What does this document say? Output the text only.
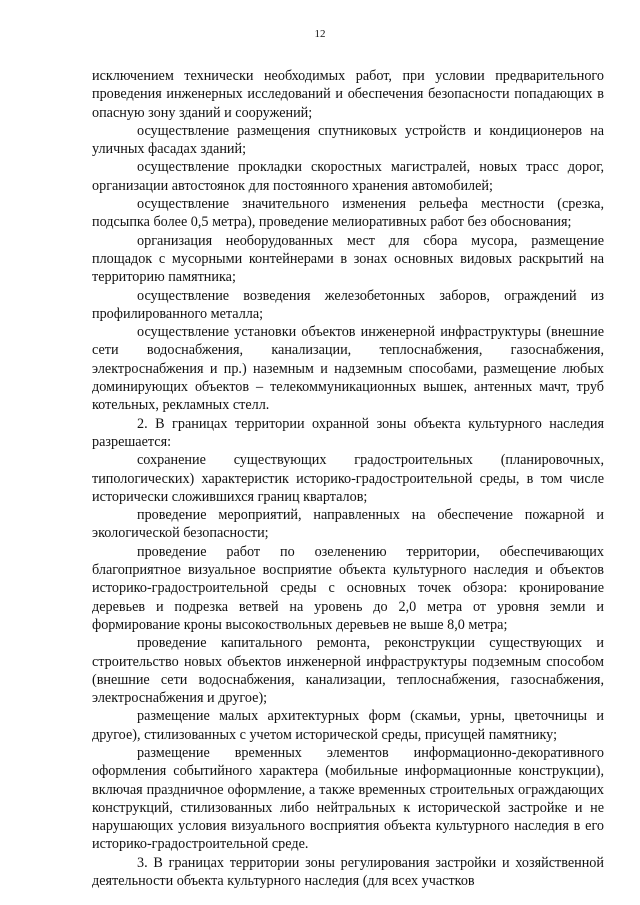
12

исключением технически необходимых работ, при условии предварительного проведения инженерных исследований и обеспечения безопасности попадающих в опасную зону зданий и сооружений;

осуществление размещения спутниковых устройств и кондиционеров на уличных фасадах зданий;

осуществление прокладки скоростных магистралей, новых трасс дорог, организации автостоянок для постоянного хранения автомобилей;

осуществление значительного изменения рельефа местности (срезка, подсыпка более 0,5 метра), проведение мелиоративных работ без обоснования;

организация необорудованных мест для сбора мусора, размещение площадок с мусорными контейнерами в зонах основных видовых раскрытий на территорию памятника;

осуществление возведения железобетонных заборов, ограждений из профилированного металла;

осуществление установки объектов инженерной инфраструктуры (внешние сети водоснабжения, канализации, теплоснабжения, газоснабжения, электроснабжения и пр.) наземным и надземным способами, размещение любых доминирующих объектов – телекоммуникационных вышек, антенных мачт, труб котельных, рекламных стелл.

2. В границах территории охранной зоны объекта культурного наследия разрешается:

сохранение существующих градостроительных (планировочных, типологических) характеристик историко-градостроительной среды, в том числе исторически сложившихся границ кварталов;

проведение мероприятий, направленных на обеспечение пожарной и экологической безопасности;

проведение работ по озеленению территории, обеспечивающих благоприятное визуальное восприятие объекта культурного наследия и объектов историко-градостроительной среды с основных точек обзора: кронирование деревьев и подрезка ветвей на уровень до 2,0 метра от уровня земли и формирование кроны высокоствольных деревьев не выше 8,0 метра;

проведение капитального ремонта, реконструкции существующих и строительство новых объектов инженерной инфраструктуры подземным способом (внешние сети водоснабжения, канализации, теплоснабжения, газоснабжения, электроснабжения и другое);

размещение малых архитектурных форм (скамьи, урны, цветочницы и другое), стилизованных с учетом исторической среды, присущей памятнику;

размещение временных элементов информационно-декоративного оформления событийного характера (мобильные информационные конструкции), включая праздничное оформление, а также временных строительных ограждающих конструкций, стилизованных либо нейтральных к исторической застройке и не нарушающих условия визуального восприятия объекта культурного наследия в его историко-градостроительной среде.

3. В границах территории зоны регулирования застройки и хозяйственной деятельности объекта культурного наследия (для всех участков
